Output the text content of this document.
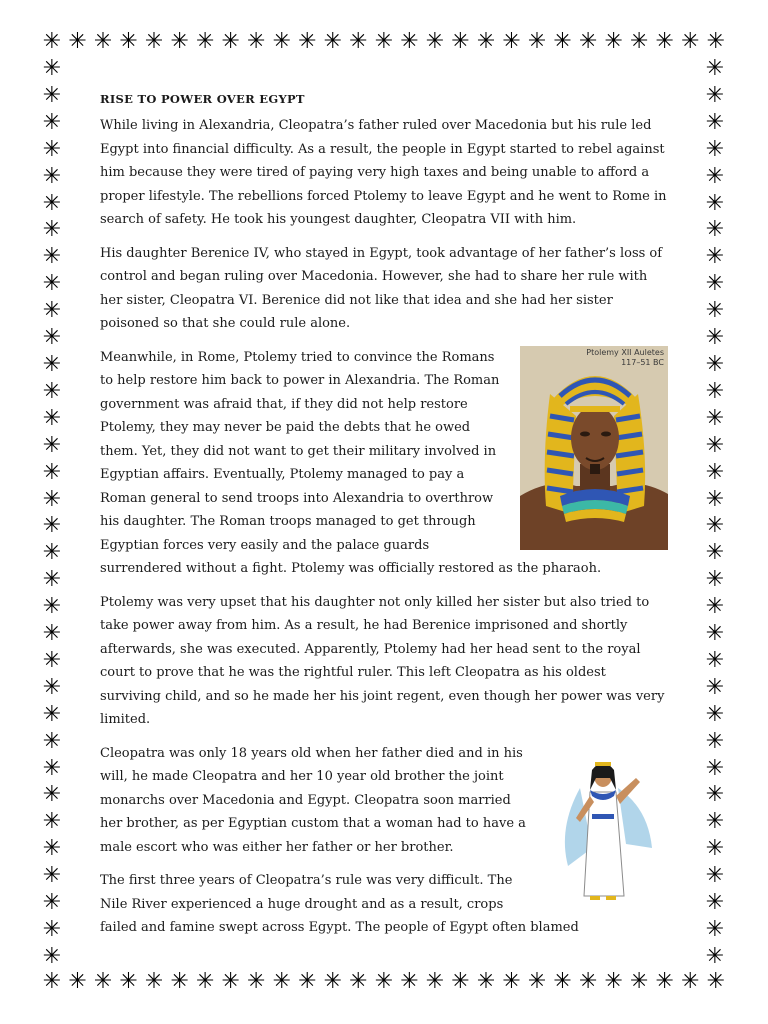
✳ ✳ ✳ ✳ ✳ ✳ ✳ ✳ ✳ ✳ ✳ ✳ ✳ ✳ ✳ ✳ ✳ ✳ ✳ ✳ ✳ ✳ ✳ ✳ ✳ ✳ ✳
✳ ✳ ✳ ✳ ✳ ✳ ✳ ✳ ✳ ✳ ✳ ✳ ✳ ✳ ✳ ✳ ✳ ✳ ✳ ✳ ✳ ✳ ✳ ✳ ✳ ✳ ✳
✳
✳
✳
✳
✳
✳
✳
✳
✳
✳
✳
✳
✳
✳
✳
✳
✳
✳
✳
✳
✳
✳
✳
✳
✳
✳
✳
✳
✳
✳
✳
✳
✳
✳
✳
✳
✳
✳
✳
✳
✳
✳
✳
✳
✳
✳
✳
✳
✳
✳
✳
✳
✳
✳
✳
✳
✳
✳
✳
✳
✳
✳
✳
✳
✳
✳
✳
✳
RISE TO POWER OVER EGYPT

While living in Alexandria, Cleopatra’s father ruled over Macedonia but his rule led Egypt into financial difficulty. As a result, the people in Egypt started to rebel against him because they were tired of paying very high taxes and being unable to afford a proper lifestyle. The rebellions forced Ptolemy to leave Egypt and he went to Rome in search of safety. He took his youngest daughter, Cleopatra VII with him.

His daughter Berenice IV, who stayed in Egypt, took advantage of her father’s loss of control and began ruling over Macedonia. However, she had to share her rule with her sister, Cleopatra VI. Berenice did not like that idea and she had her sister poisoned so that she could rule alone.

Ptolemy XII Auletes
117–51 BC

Meanwhile, in Rome, Ptolemy tried to convince the Romans to help restore him back to power in Alexandria. The Roman government was afraid that, if they did not help restore Ptolemy, they may never be paid the debts that he owed them. Yet, they did not want to get their military involved in Egyptian affairs. Eventually, Ptolemy managed to pay a Roman general to send troops into Alexandria to overthrow his daughter. The Roman troops managed to get through Egyptian forces very easily and the palace guards surrendered without a fight. Ptolemy was officially restored as the pharaoh.

Ptolemy was very upset that his daughter not only killed her sister but also tried to take power away from him. As a result, he had Berenice imprisoned and shortly afterwards, she was executed. Apparently, Ptolemy had her head sent to the royal court to prove that he was the rightful ruler. This left Cleopatra as his oldest surviving child, and so he made her his joint regent, even though her power was very limited.

Cleopatra was only 18 years old when her father died and in his will, he made Cleopatra and her 10 year old brother the joint monarchs over Macedonia and Egypt. Cleopatra soon married her brother, as per Egyptian custom that a woman had to have a male escort who was either her father or her brother.

The first three years of Cleopatra’s rule was very difficult. The Nile River experienced a huge drought and as a result, crops failed and famine swept across Egypt. The people of Egypt often blamed
